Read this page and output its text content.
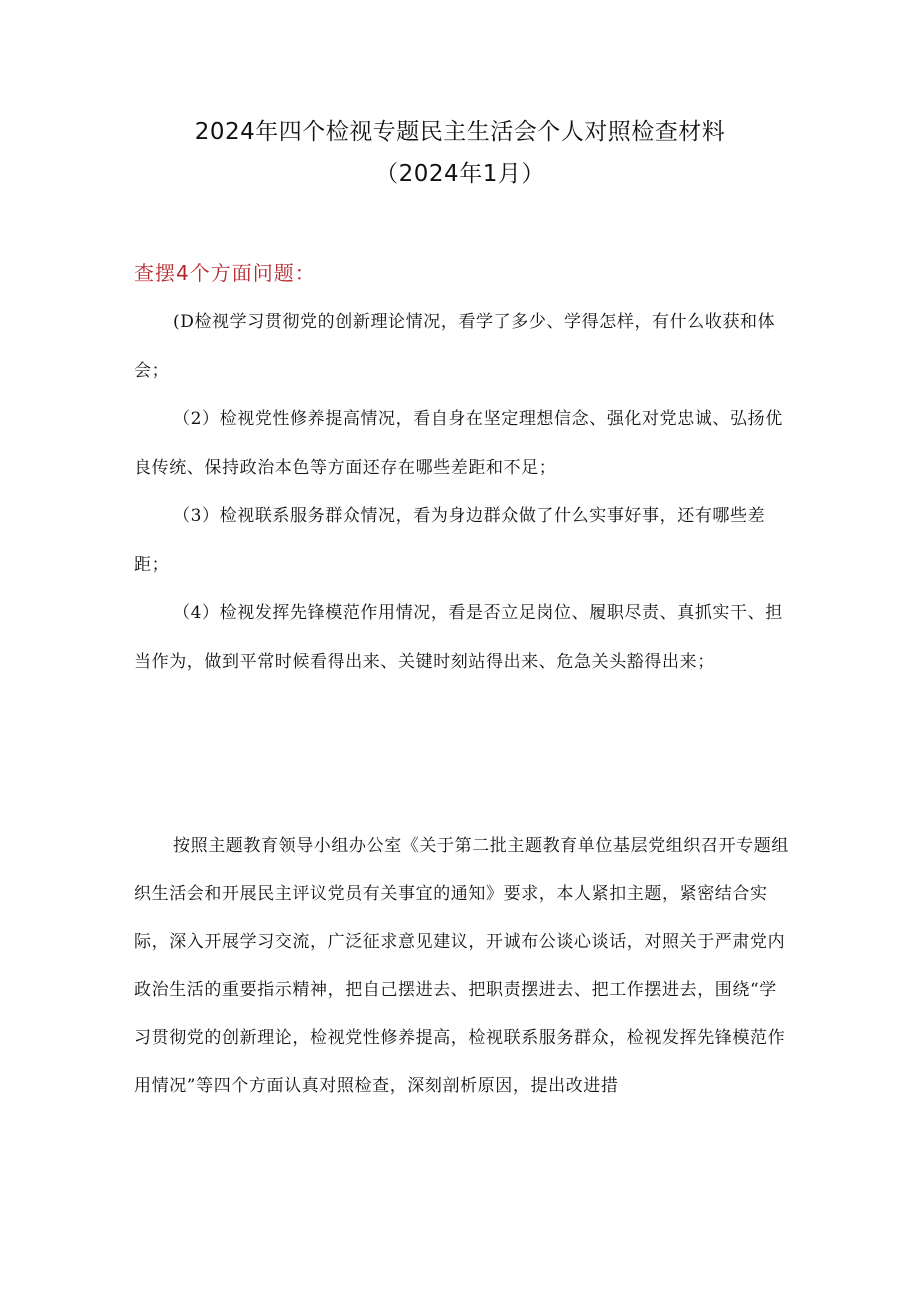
2024年四个检视专题民主生活会个人对照检查材料
（2024年1月）
查摆4个方面问题：
(D检视学习贯彻党的创新理论情况，看学了多少、学得怎样，有什么收获和体会；
（2）检视党性修养提高情况，看自身在坚定理想信念、强化对党忠诚、弘扬优良传统、保持政治本色等方面还存在哪些差距和不足；
（3）检视联系服务群众情况，看为身边群众做了什么实事好事，还有哪些差距；
（4）检视发挥先锋模范作用情况，看是否立足岗位、履职尽责、真抓实干、担当作为，做到平常时候看得出来、关键时刻站得出来、危急关头豁得出来；
按照主题教育领导小组办公室《关于第二批主题教育单位基层党组织召开专题组织生活会和开展民主评议党员有关事宜的通知》要求，本人紧扣主题，紧密结合实际，深入开展学习交流，广泛征求意见建议，开诚布公谈心谈话，对照关于严肃党内政治生活的重要指示精神，把自己摆进去、把职责摆进去、把工作摆进去，围绕“学习贯彻党的创新理论，检视党性修养提高，检视联系服务群众，检视发挥先锋模范作用情况”等四个方面认真对照检查，深刻剖析原因，提出改进措
